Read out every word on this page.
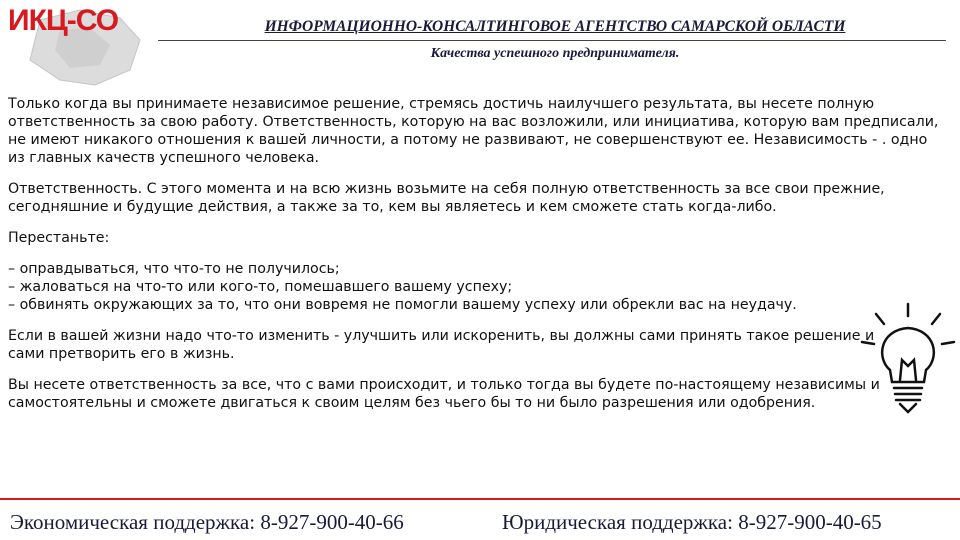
ИКЦ-СО	ИНФОРМАЦИОННО-КОНСАЛТИНГОВОЕ АГЕНТСТВО САМАРСКОЙ ОБЛАСТИ
Качества успешного предпринимателя.

Только когда вы принимаете независимое решение, стремясь достичь наилучшего результата, вы несете полную ответственность за свою работу. Ответственность, которую на вас возложили, или инициатива, которую вам предписали, не имеют никакого отношения к вашей личности, а потому не развивают, не совершенствуют ее. Независимость - . одно из главных качеств успешного человека.

Ответственность. С этого момента и на всю жизнь возьмите на себя полную ответственность за все свои прежние, сегодняшние и будущие действия, а также за то, кем вы являетесь и кем сможете стать когда-либо.

Перестаньте:

– оправдываться, что что-то не получилось;
– жаловаться на что-то или кого-то, помешавшего вашему успеху;
– обвинять окружающих за то, что они вовремя не помогли вашему успеху или обрекли вас на неудачу.

Если в вашей жизни надо что-то изменить - улучшить или искоренить, вы должны сами принять такое решение и сами претворить его в жизнь.

Вы несете ответственность за все, что с вами происходит, и только тогда вы будете по-настоящему независимы и самостоятельны и сможете двигаться к своим целям без чьего бы то ни было разрешения или одобрения.

Экономическая поддержка: 8-927-900-40-66	Юридическая поддержка: 8-927-900-40-65
